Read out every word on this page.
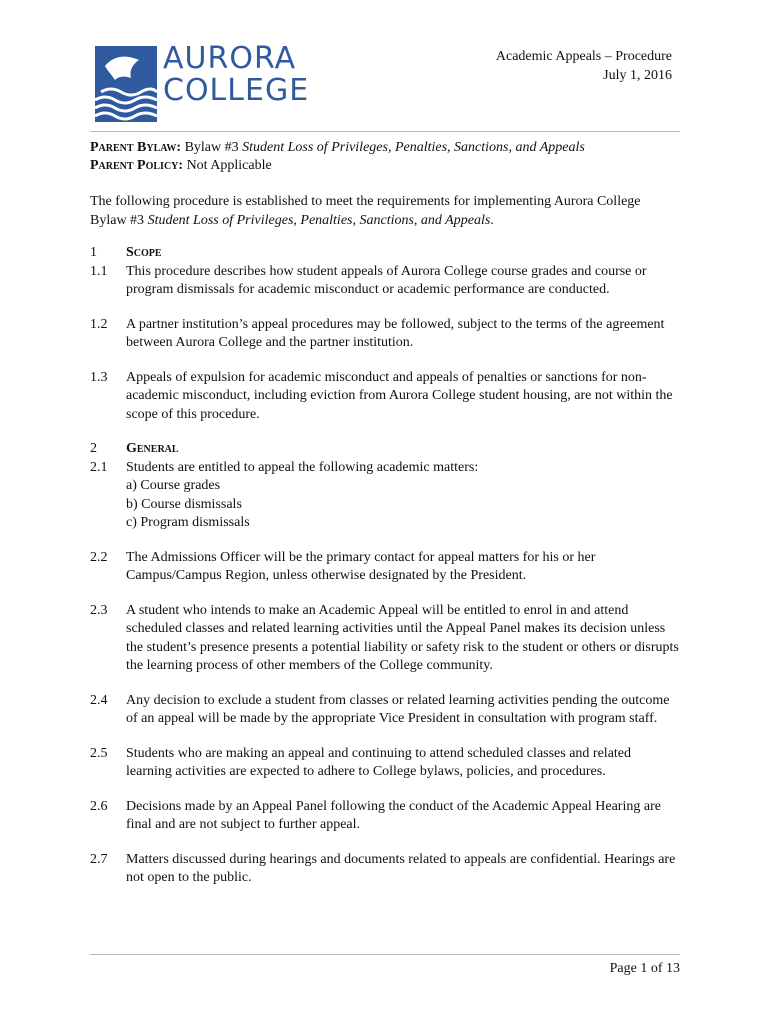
AURORA
COLLEGE
Academic Appeals – Procedure
July 1, 2016
Parent Bylaw: Bylaw #3 Student Loss of Privileges, Penalties, Sanctions, and Appeals
Parent Policy: Not Applicable
The following procedure is established to meet the requirements for implementing Aurora College Bylaw #3 Student Loss of Privileges, Penalties, Sanctions, and Appeals.
1	Scope
1.1	This procedure describes how student appeals of Aurora College course grades and course or program dismissals for academic misconduct or academic performance are conducted.
1.2	A partner institution’s appeal procedures may be followed, subject to the terms of the agreement between Aurora College and the partner institution.
1.3	Appeals of expulsion for academic misconduct and appeals of penalties or sanctions for non-academic misconduct, including eviction from Aurora College student housing, are not within the scope of this procedure.
2	General
2.1	Students are entitled to appeal the following academic matters:
a) Course grades
b) Course dismissals
c) Program dismissals
2.2	The Admissions Officer will be the primary contact for appeal matters for his or her Campus/Campus Region, unless otherwise designated by the President.
2.3	A student who intends to make an Academic Appeal will be entitled to enrol in and attend scheduled classes and related learning activities until the Appeal Panel makes its decision unless the student’s presence presents a potential liability or safety risk to the student or others or disrupts the learning process of other members of the College community.
2.4	Any decision to exclude a student from classes or related learning activities pending the outcome of an appeal will be made by the appropriate Vice President in consultation with program staff.
2.5	Students who are making an appeal and continuing to attend scheduled classes and related learning activities are expected to adhere to College bylaws, policies, and procedures.
2.6	Decisions made by an Appeal Panel following the conduct of the Academic Appeal Hearing are final and are not subject to further appeal.
2.7	Matters discussed during hearings and documents related to appeals are confidential. Hearings are not open to the public.
Page 1 of 13
